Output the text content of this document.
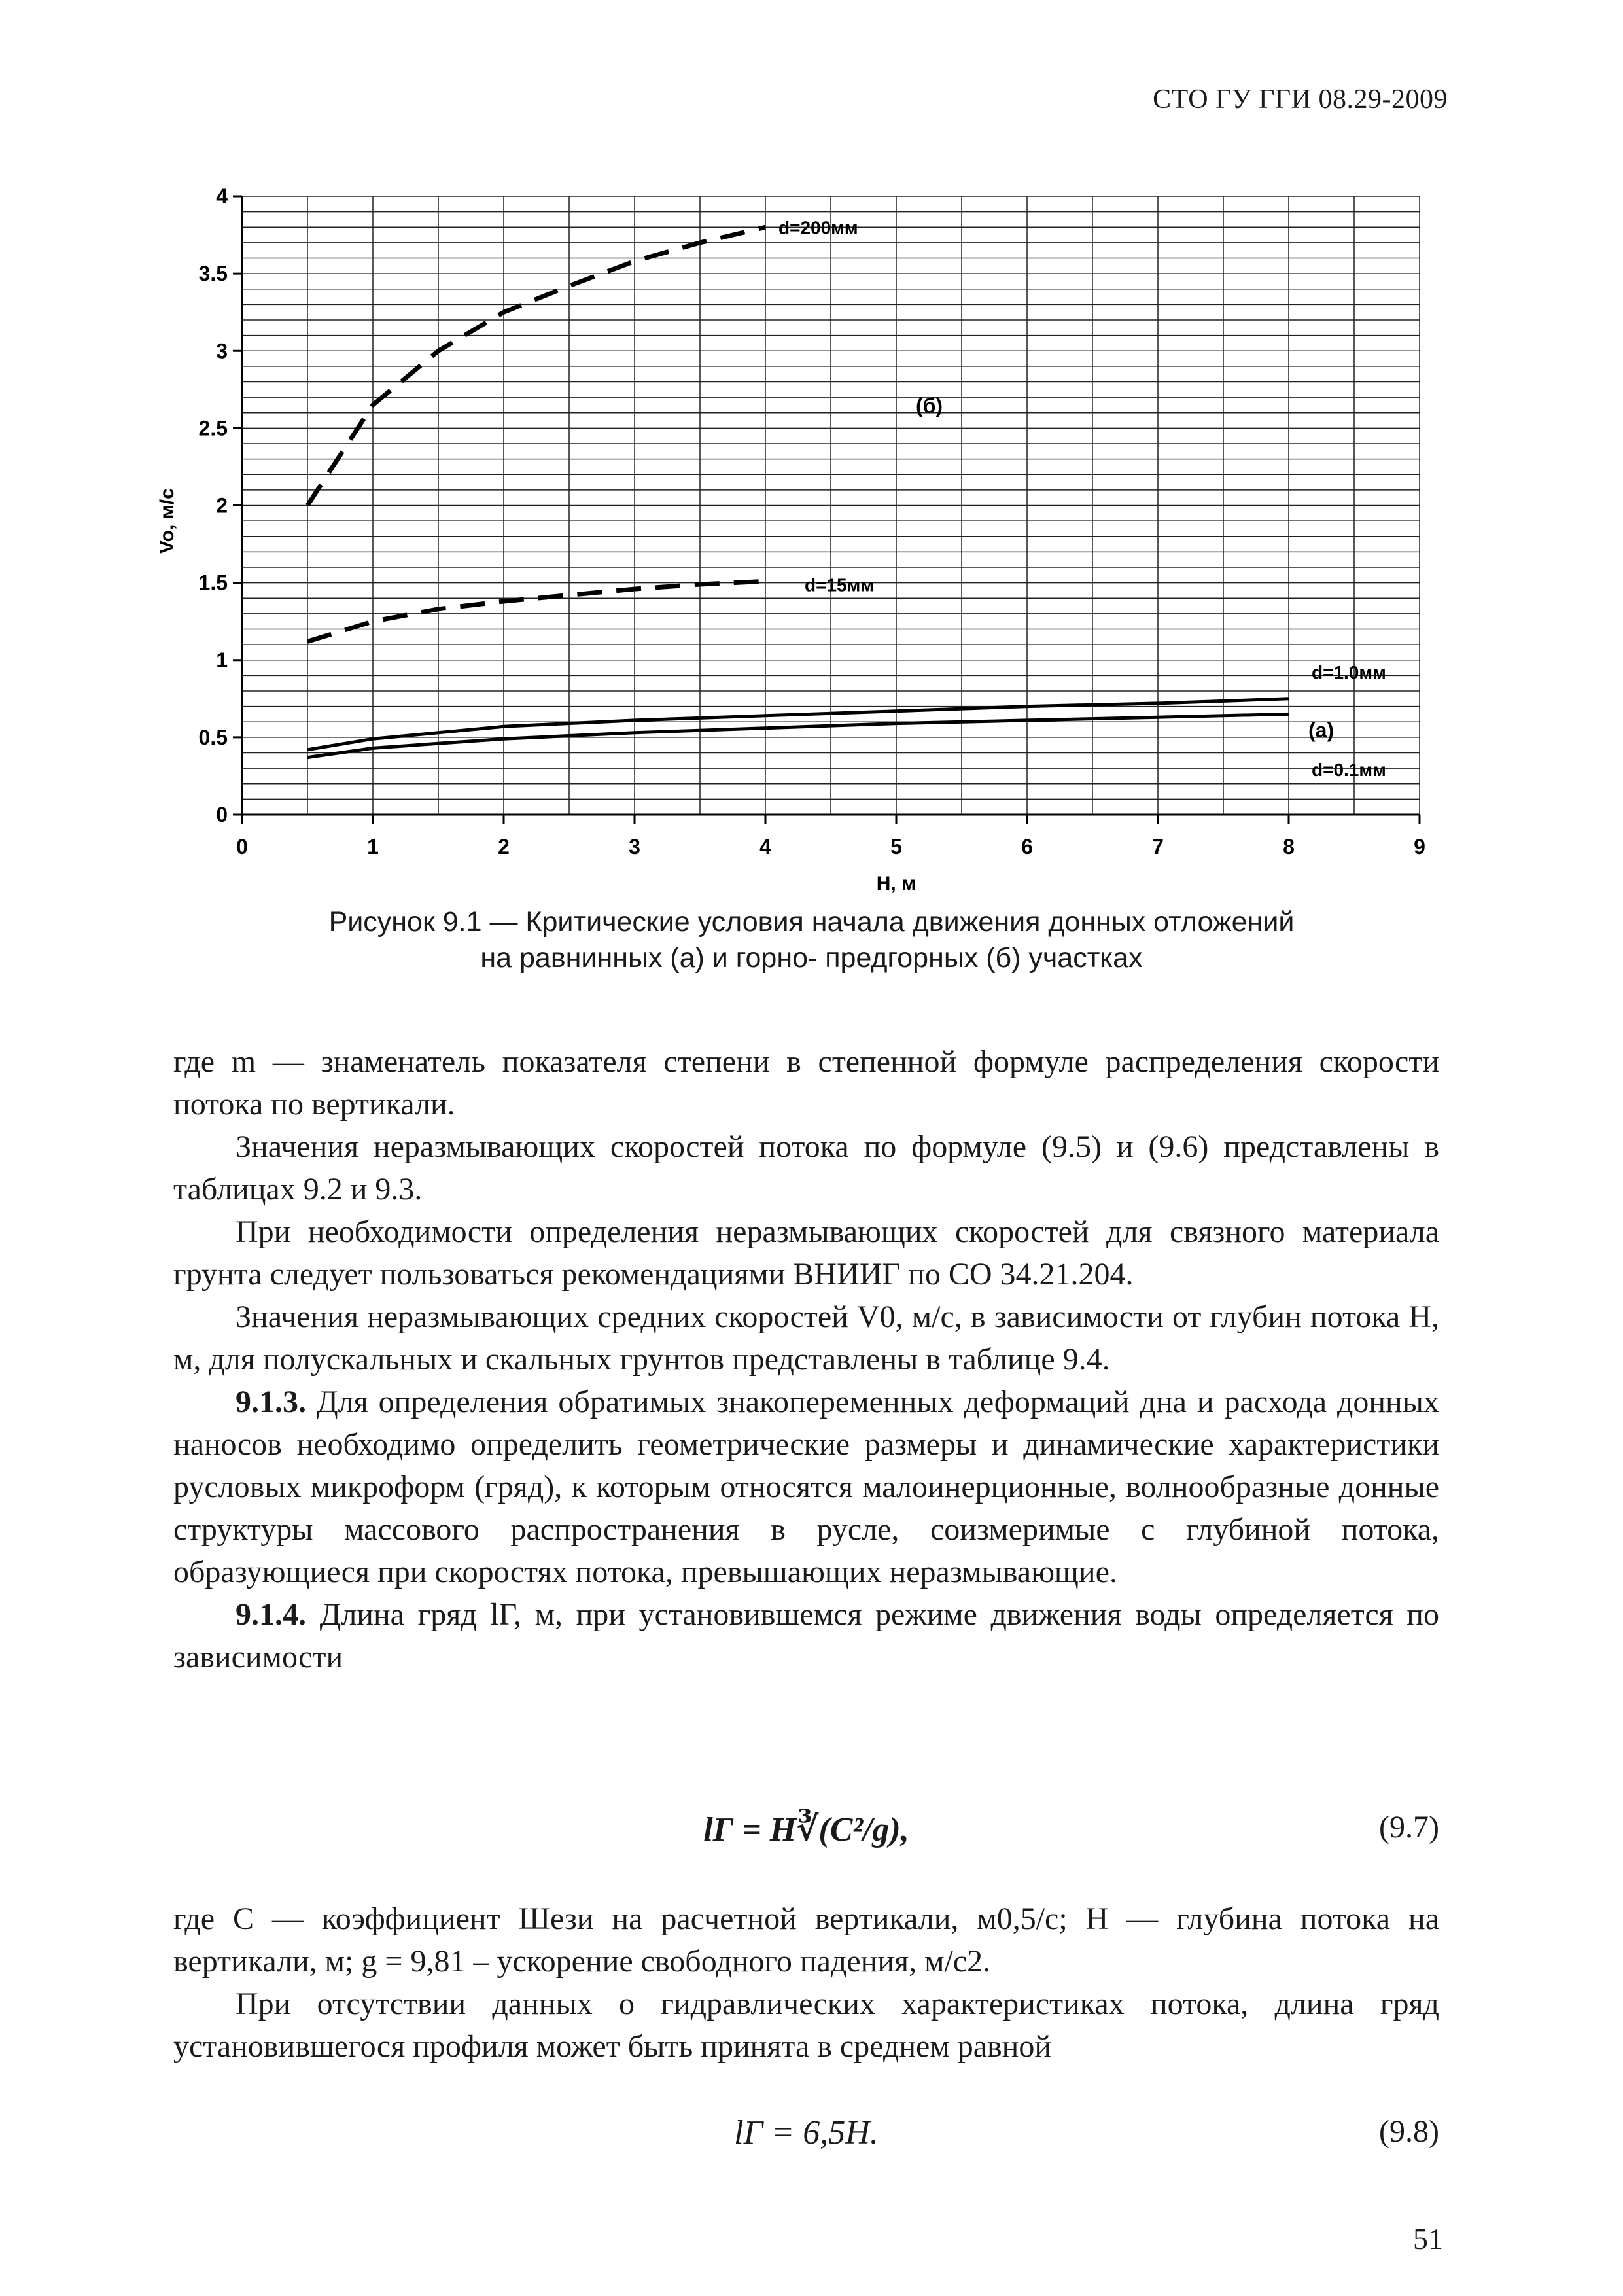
СТО ГУ ГГИ 08.29-2009
0	1	2	3	4	5	6	7	8	9
0
0.5
1
1.5
2
2.5
3
3.5
4
H, м
Vo, м/с
d=200мм
d=15мм
d=1.0мм
d=0.1мм
(б)
(а)
Рисунок 9.1 — Критические условия начала движения донных отложений
на равнинных (а) и горно- предгорных (б) участках

где m — знаменатель показателя степени в степенной формуле распределения скорости потока по вертикали.

Значения неразмывающих скоростей потока по формуле (9.5) и (9.6) представлены в таблицах 9.2 и 9.3.

При необходимости определения неразмывающих скоростей для связного материала грунта следует пользоваться рекомендациями ВНИИГ по СО 34.21.204.

Значения неразмывающих средних скоростей V0, м/с, в зависимости от глубин потока Н, м, для полускальных и скальных грунтов представлены в таблице 9.4.

9.1.3. Для определения обратимых знакопеременных деформаций дна и расхода донных наносов необходимо определить геометрические размеры и динамические характеристики русловых микроформ (гряд), к которым относятся малоинерционные, волнообразные донные структуры массового распространения в русле, соизмеримые с глубиной потока, образующиеся при скоростях потока, превышающих неразмывающие.

9.1.4. Длина гряд lГ, м, при установившемся режиме движения воды определяется по зависимости

lГ = H∛(C²/g),	(9.7)

где С — коэффициент Шези на расчетной вертикали, м0,5/с; Н — глубина потока на вертикали, м; g = 9,81 – ускорение свободного падения, м/с2.

При отсутствии данных о гидравлических характеристиках потока, длина гряд установившегося профиля может быть принята в среднем равной

lГ = 6,5H.	(9.8)
51
